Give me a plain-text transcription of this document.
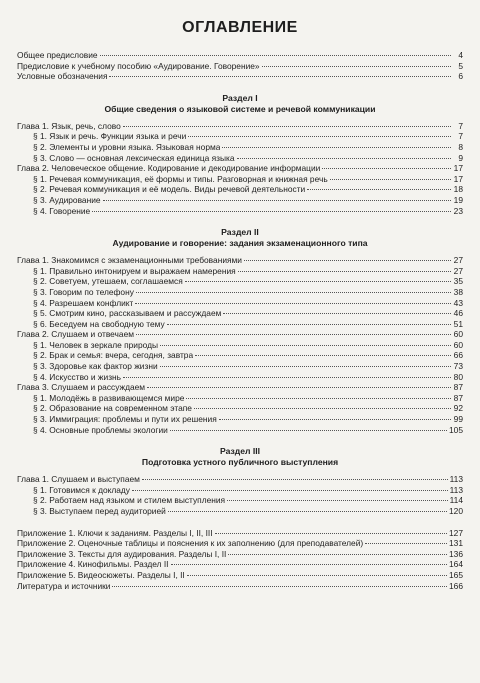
ОГЛАВЛЕНИЕ
Общее предисловие	4
Предисловие к учебному пособию «Аудирование. Говорение»	5
Условные обозначения	6
Раздел I
Общие сведения о языковой системе и речевой коммуникации
Глава 1. Язык, речь, слово	7
§ 1. Язык и речь. Функции языка и речи	7
§ 2. Элементы и уровни языка. Языковая норма	8
§ 3. Слово — основная лексическая единица языка	9
Глава 2. Человеческое общение. Кодирование и декодирование информации	17
§ 1. Речевая коммуникация, её формы и типы. Разговорная и книжная речь	17
§ 2. Речевая коммуникация и её модель. Виды речевой деятельности	18
§ 3. Аудирование	19
§ 4. Говорение	23
Раздел II
Аудирование и говорение: задания экзаменационного типа
Глава 1. Знакомимся с экзаменационными требованиями	27
§ 1. Правильно интонируем и выражаем намерения	27
§ 2. Советуем, утешаем, соглашаемся	35
§ 3. Говорим по телефону	38
§ 4. Разрешаем конфликт	43
§ 5. Смотрим кино, рассказываем и рассуждаем	46
§ 6. Беседуем на свободную тему	51
Глава 2. Слушаем и отвечаем	60
§ 1. Человек в зеркале природы	60
§ 2. Брак и семья: вчера, сегодня, завтра	66
§ 3. Здоровье как фактор жизни	73
§ 4. Искусство и жизнь	80
Глава 3. Слушаем и рассуждаем	87
§ 1. Молодёжь в развивающемся мире	87
§ 2. Образование на современном этапе	92
§ 3. Иммиграция: проблемы и пути их решения	99
§ 4. Основные проблемы экологии	105
Раздел III
Подготовка устного публичного выступления
Глава 1. Слушаем и выступаем	113
§ 1. Готовимся к докладу	113
§ 2. Работаем над языком и стилем выступления	114
§ 3. Выступаем перед аудиторией	120
Приложение 1. Ключи к заданиям. Разделы I, II, III	127
Приложение 2. Оценочные таблицы и пояснения к их заполнению (для преподавателей)	131
Приложение 3. Тексты для аудирования. Разделы I, II	136
Приложение 4. Кинофильмы. Раздел II	164
Приложение 5. Видеосюжеты. Разделы I, II	165
Литература и источники	166
